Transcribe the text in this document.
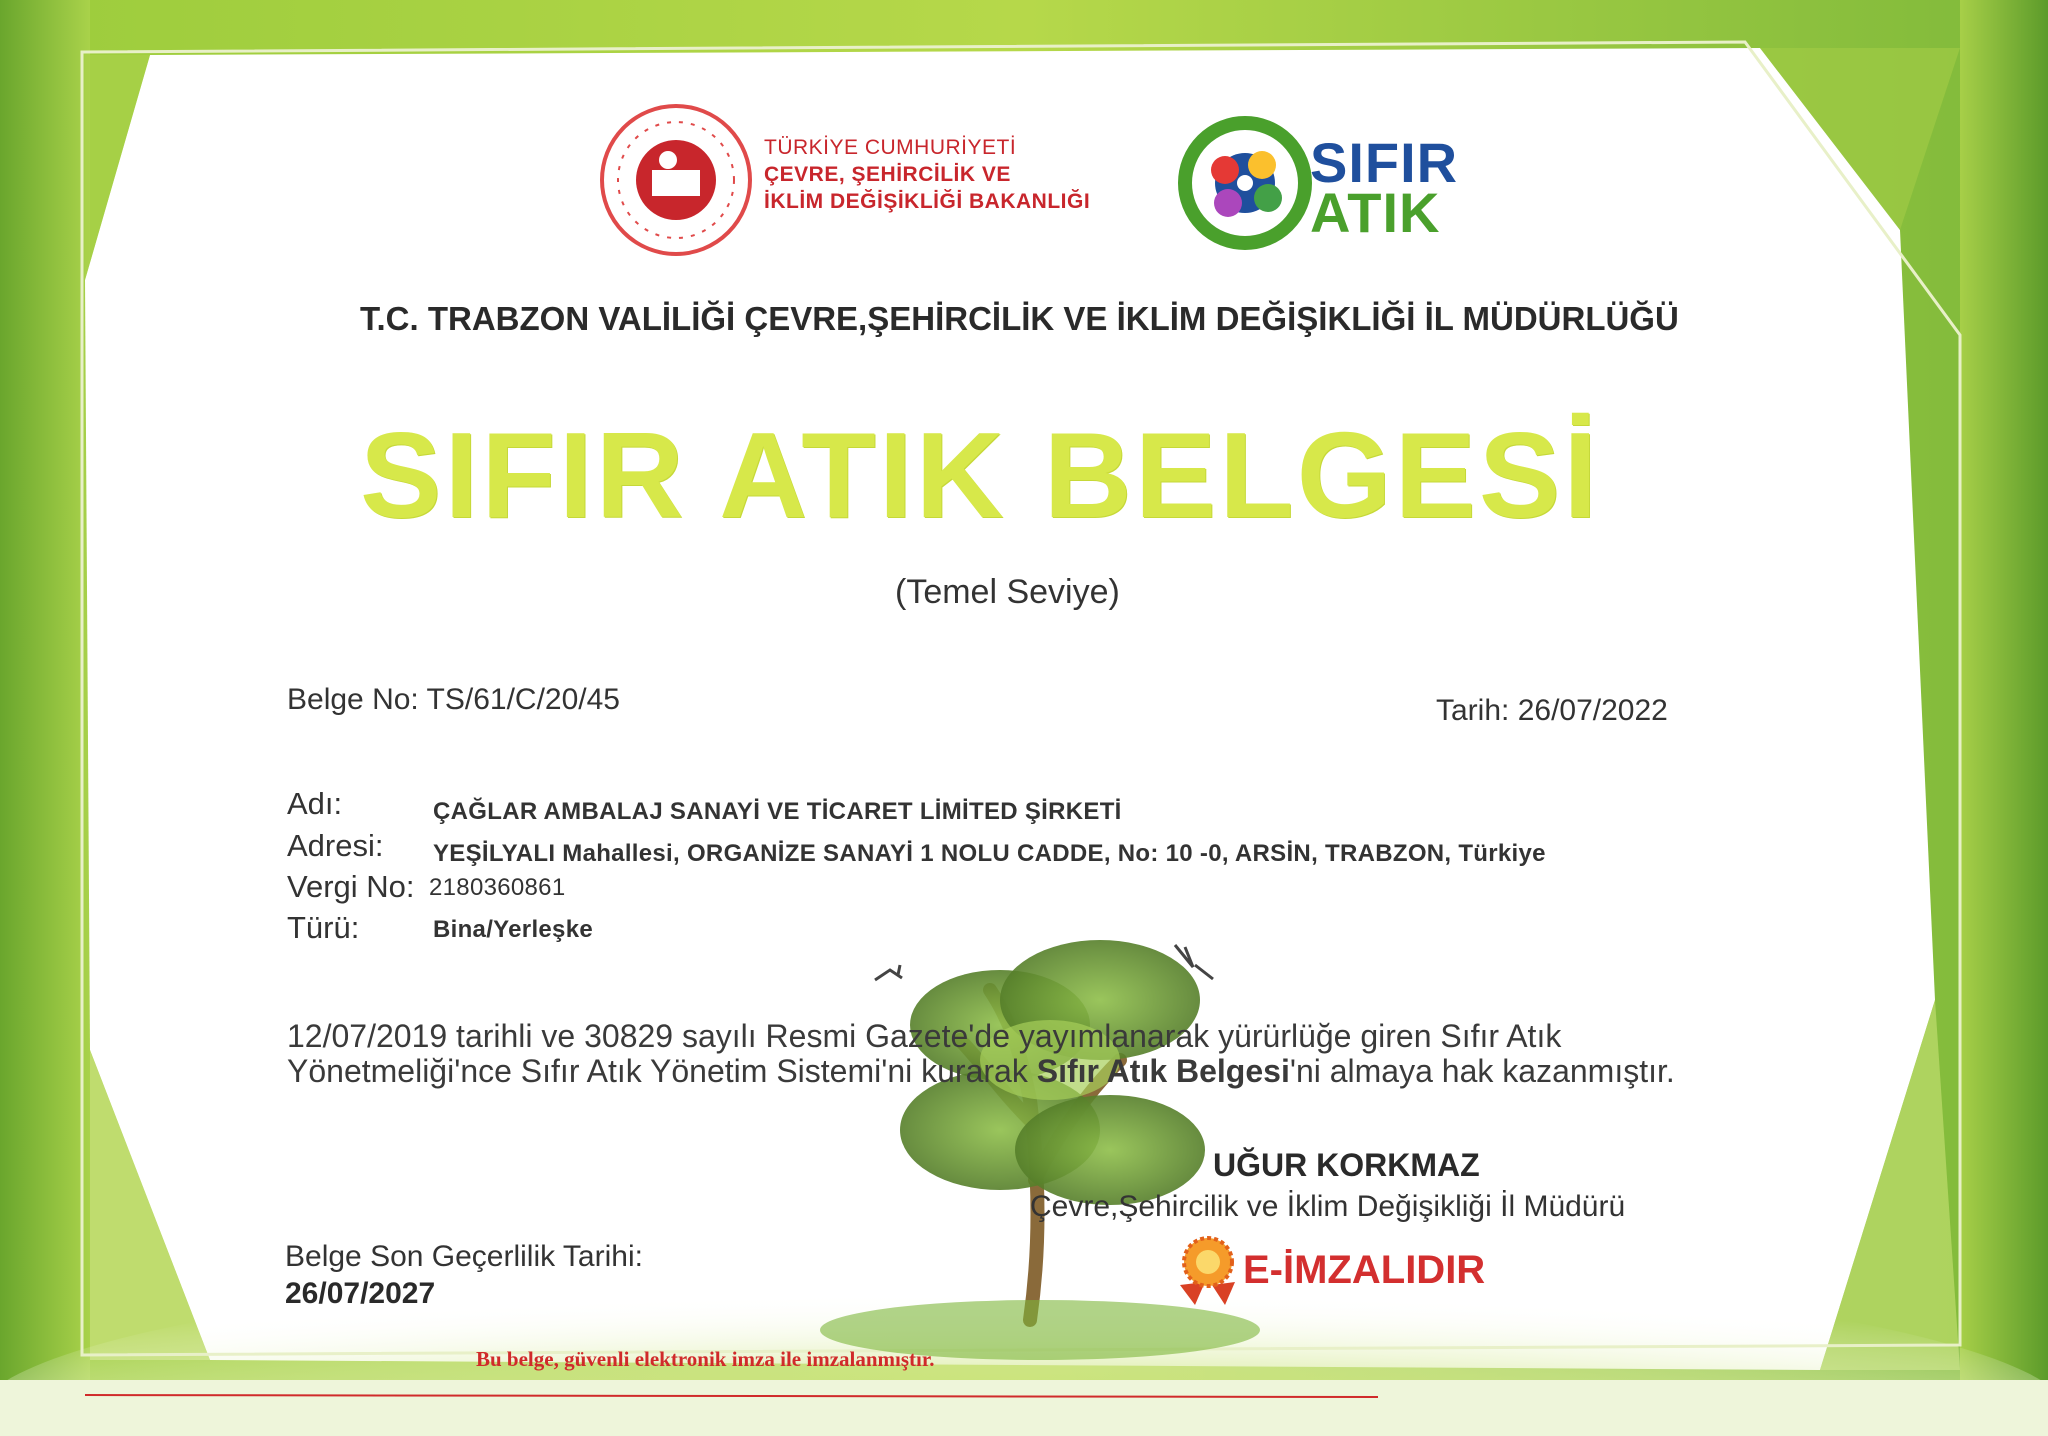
TÜRKİYE CUMHURİYETİ
ÇEVRE, ŞEHİRCİLİK VE
İKLİM DEĞİŞİKLİĞİ BAKANLIĞI
SIFIR
ATIK
T.C. TRABZON VALİLİĞİ ÇEVRE,ŞEHİRCİLİK VE İKLİM DEĞİŞİKLİĞİ İL MÜDÜRLÜĞÜ
SIFIR ATIK BELGESİ
(Temel Seviye)
Belge No: TS/61/C/20/45	Tarih: 26/07/2022
Adı:	ÇAĞLAR AMBALAJ SANAYİ VE TİCARET LİMİTED ŞİRKETİ
Adresi: YEŞİLYALI Mahallesi, ORGANİZE SANAYİ 1 NOLU CADDE, No: 10 -0, ARSİN, TRABZON, Türkiye
Vergi No: 2180360861
Türü:	Bina/Yerleşke
12/07/2019 tarihli ve 30829 sayılı Resmi Gazete'de yayımlanarak yürürlüğe giren Sıfır Atık
Yönetmeliği'nce Sıfır Atık Yönetim Sistemi'ni kurarak Sıfır Atık Belgesi'ni almaya hak kazanmıştır.
UĞUR KORKMAZ
Çevre,Şehircilik ve İklim Değişikliği İl Müdürü
E-İMZALIDIR
Belge Son Geçerlilik Tarihi:
26/07/2027
Bu belge, güvenli elektronik imza ile imzalanmıştır.
